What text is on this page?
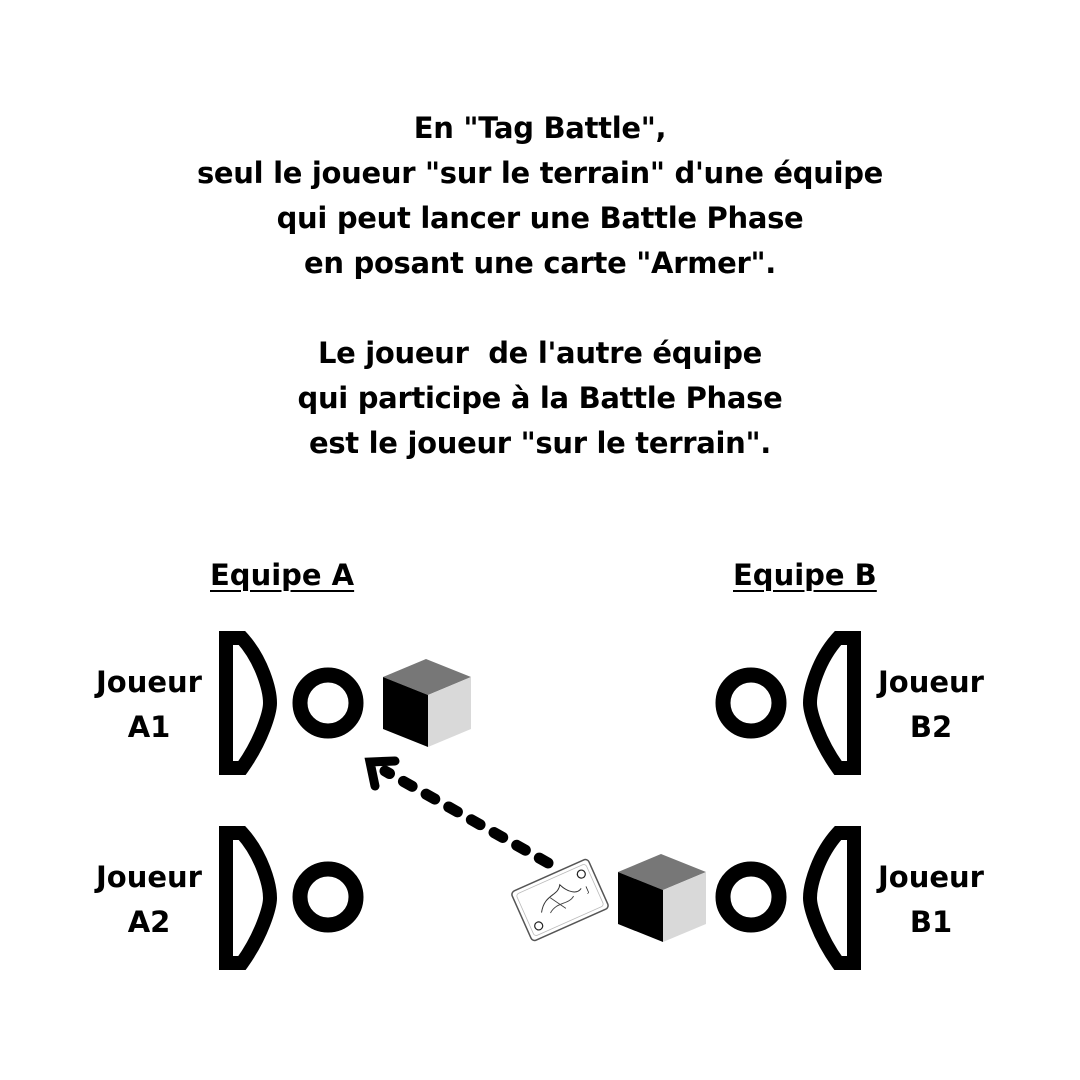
En "Tag Battle",
seul le joueur "sur le terrain" d'une équipe
qui peut lancer une Battle Phase
en posant une carte "Armer".
Le joueur  de l'autre équipe
qui participe à la Battle Phase
est le joueur "sur le terrain".
Equipe A	Equipe B
Joueur
A1
Joueur
A2
Joueur
B2
Joueur
B1
J
